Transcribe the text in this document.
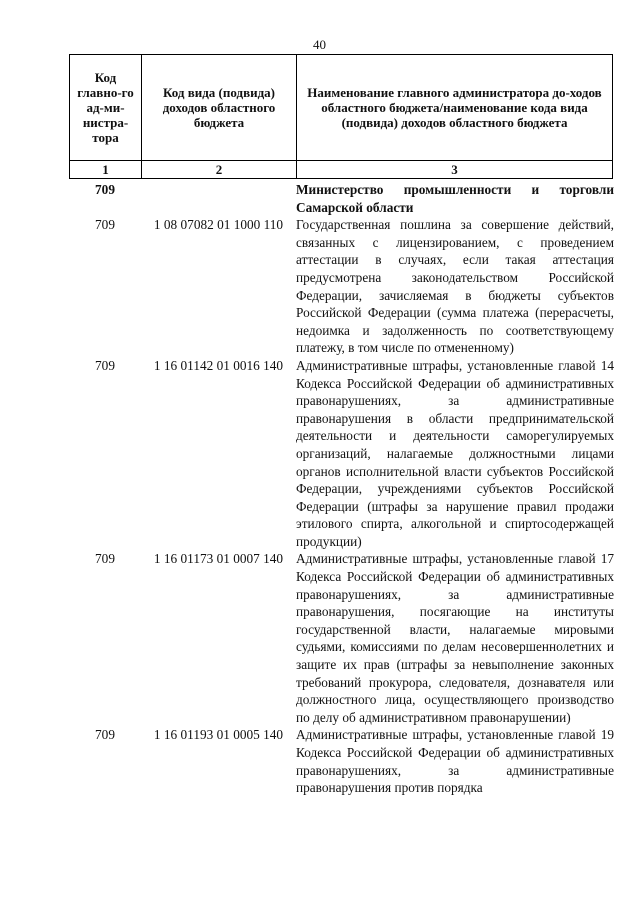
40
Код главно-го ад-ми-нистра-тора	Код вида (подвида) доходов областного бюджета	Наименование главного администратора до-ходов областного бюджета/наименование кода вида (подвида) доходов областного бюджета
1	2	3
709		Министерство промышленности и торговли Самарской области
709	1 08 07082 01 1000 110	Государственная пошлина за совершение действий, связанных с лицензированием, с проведением аттестации в случаях, если такая аттестация предусмотрена законодательством Российской Федерации, зачисляемая в бюджеты субъектов Российской Федерации (сумма платежа (перерасчеты, недоимка и задолженность по соответствующему платежу, в том числе по отмененному)
709	1 16 01142 01 0016 140	Административные штрафы, установленные главой 14 Кодекса Российской Федерации об административных правонарушениях, за административные правонарушения в области предпринимательской деятельности и деятельности саморегулируемых организаций, налагаемые должностными лицами органов исполнительной власти субъектов Российской Федерации, учреждениями субъектов Российской Федерации (штрафы за нарушение правил продажи этилового спирта, алкогольной и спиртосодержащей продукции)
709	1 16 01173 01 0007 140	Административные штрафы, установленные главой 17 Кодекса Российской Федерации об административных правонарушениях, за административные правонарушения, посягающие на институты государственной власти, налагаемые мировыми судьями, комиссиями по делам несовершеннолетних и защите их прав (штрафы за невыполнение законных требований прокурора, следователя, дознавателя или должностного лица, осуществляющего производство по делу об административном правонарушении)
709	1 16 01193 01 0005 140	Административные штрафы, установленные главой 19 Кодекса Российской Федерации об административных правонарушениях, за административные правонарушения против порядка
